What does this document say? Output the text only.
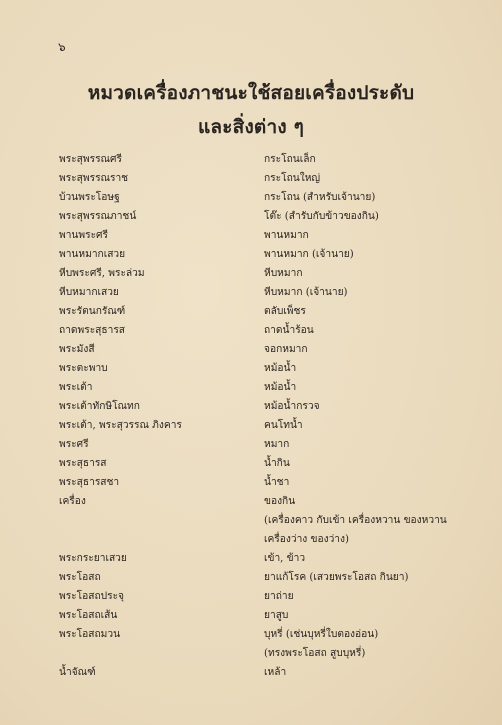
๖
หมวดเครื่องภาชนะใช้สอยเครื่องประดับ
และสิ่งต่าง ๆ
พระสุพรรณศรี	กระโถนเล็ก
พระสุพรรณราช	กระโถนใหญ่
บ้วนพระโอษฐ	กระโถน (สำหรับเจ้านาย)
พระสุพรรณภาชน์	โต๊ะ (สำรับกับข้าวของกิน)
พานพระศรี	พานหมาก
พานหมากเสวย	พานหมาก (เจ้านาย)
หีบพระศรี, พระล่วม	หีบหมาก
หีบหมากเสวย	หีบหมาก (เจ้านาย)
พระรัตนกรัณฑ์	ตลับเพ็ชร
ถาดพระสุธารส	ถาดน้ำร้อน
พระมังสี	จอกหมาก
พระตะพาบ	หม้อน้ำ
พระเต้า	หม้อน้ำ
พระเต้าทักษิโณทก	หม้อน้ำกรวจ
พระเต้า, พระสุวรรณ ภิงคาร	คนโทน้ำ
พระศรี	หมาก
พระสุธารส	น้ำกิน
พระสุธารสชา	น้ำชา
เครื่อง	ของกิน
(เครื่องคาว กับเข้า เครื่องหวาน ของหวาน
เครื่องว่าง ของว่าง)
พระกระยาเสวย	เข้า, ข้าว
พระโอสถ	ยาแก้โรค (เสวยพระโอสถ กินยา)
พระโอสถประจุ	ยาถ่าย
พระโอสถเส้น	ยาสูบ
พระโอสถมวน	บุหรี่ (เช่นบุหรี่ใบตองอ่อน)
(ทรงพระโอสถ สูบบุหรี่)
น้ำจัณฑ์	เหล้า
